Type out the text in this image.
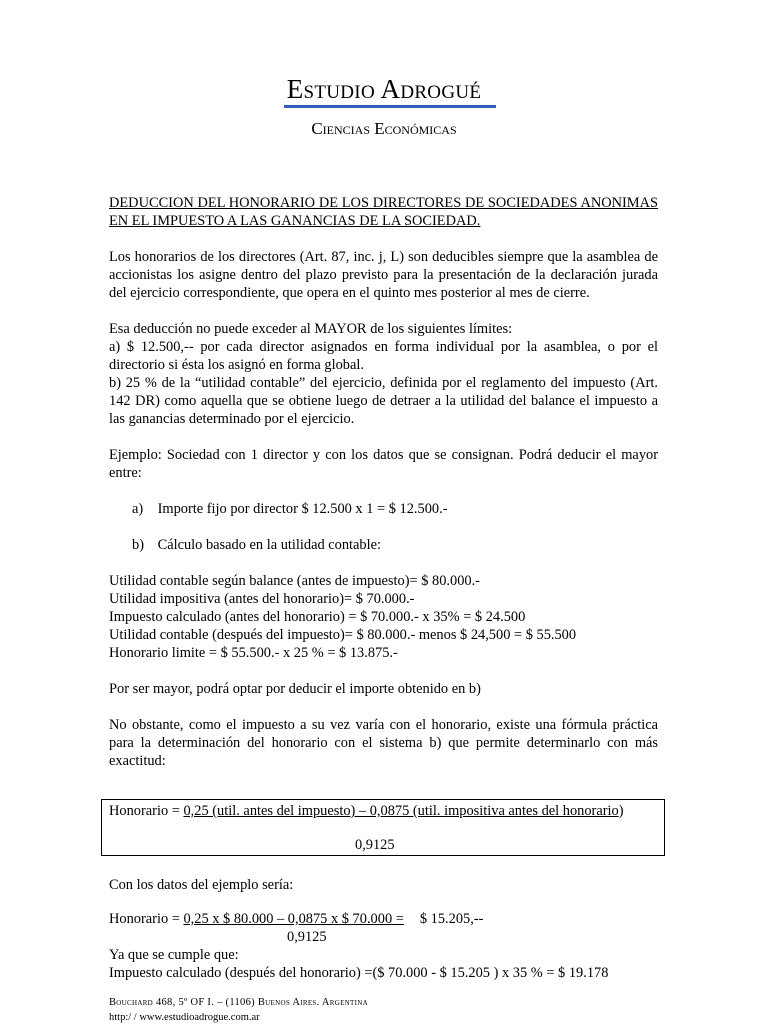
Estudio Adrogué
Ciencias Económicas

DEDUCCION DEL HONORARIO DE LOS DIRECTORES DE SOCIEDADES ANONIMAS EN EL IMPUESTO A LAS GANANCIAS DE LA SOCIEDAD.

Los honorarios de los directores (Art. 87, inc. j, L) son deducibles siempre que la asamblea de accionistas los asigne dentro del plazo previsto para la presentación de la declaración jurada del ejercicio correspondiente, que opera en el quinto mes posterior al mes de cierre.

Esa deducción no puede exceder al MAYOR de los siguientes límites:

a) $ 12.500,-- por cada director asignados en forma individual por la asamblea, o por el directorio si ésta los asignó en forma global.

b) 25 % de la “utilidad contable” del ejercicio, definida por el reglamento del impuesto (Art. 142 DR) como aquella que se obtiene luego de detraer a la utilidad del balance el impuesto a las ganancias determinado por el ejercicio.

Ejemplo: Sociedad con 1 director y con los datos que se consignan. Podrá deducir el mayor entre:

a) Importe fijo por director $ 12.500 x 1 = $ 12.500.-

b) Cálculo basado en la utilidad contable:

Utilidad contable según balance (antes de impuesto)= $ 80.000.-

Utilidad impositiva (antes del honorario)= $ 70.000.-

Impuesto calculado (antes del honorario) = $ 70.000.- x 35% = $ 24.500

Utilidad contable (después del impuesto)= $ 80.000.- menos $ 24,500 = $ 55.500

Honorario limite = $ 55.500.- x 25 % = $ 13.875.-

Por ser mayor, podrá optar por deducir el importe obtenido en b)

No obstante, como el impuesto a su vez varía con el honorario, existe una fórmula práctica para la determinación del honorario con el sistema b) que permite determinarlo con más exactitud:

Honorario = 0,25 (util. antes del impuesto) – 0,0875 (util. impositiva antes del honorario)
0,9125
Con los datos del ejemplo sería:
Honorario = 0,25 x $ 80.000 – 0,0875 x $ 70.000 = $ 15.205,--
0,9125
Ya que se cumple que:
Impuesto calculado (después del honorario) =($ 70.000 - $ 15.205 ) x 35 % = $ 19.178
Bouchard 468, 5º OF I. – (1106) Buenos Aires. Argentina
http:/ / www.estudioadrogue.com.ar
